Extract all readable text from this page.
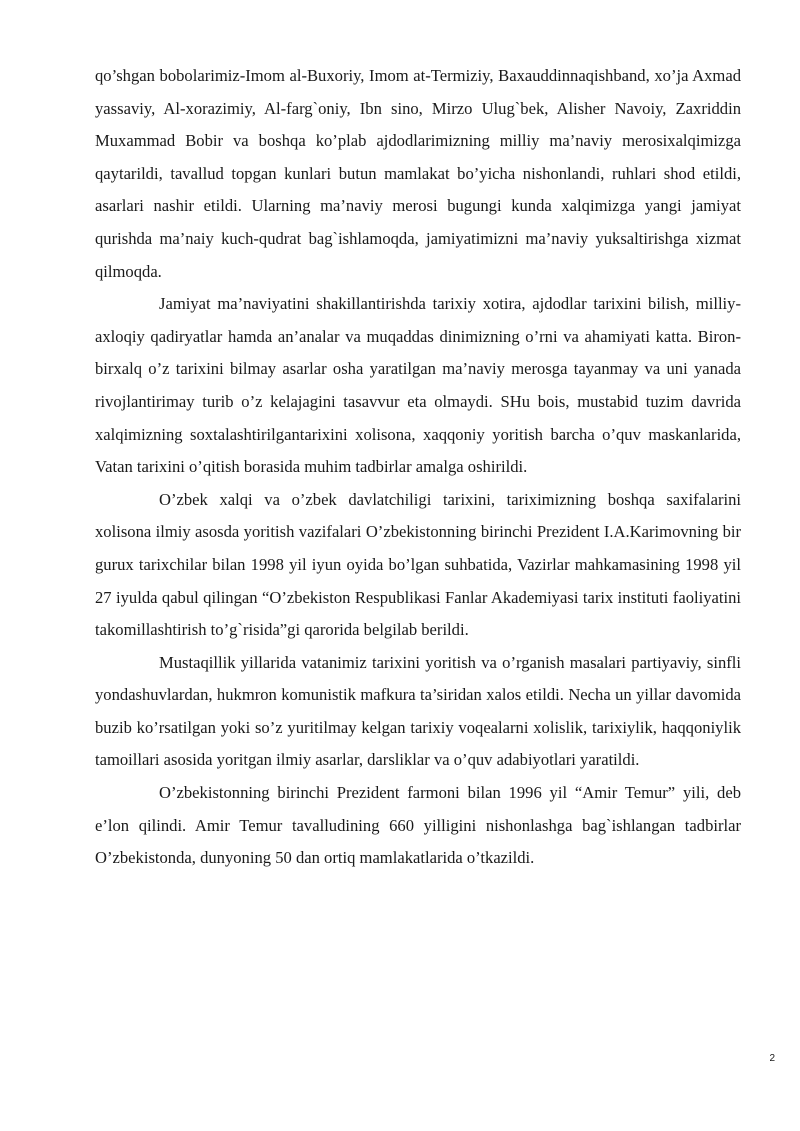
qo’shgan bobolarimiz-Imom al-Buxoriy, Imom at-Termiziy, Baxauddinnaqishband, xo’ja Axmad yassaviy, Al-xorazimiy, Al-farg`oniy, Ibn sino, Mirzo Ulug`bek, Alisher Navoiy, Zaxriddin Muxammad Bobir va boshqa ko’plab ajdodlarimizning milliy ma’naviy merosixalqimizga qaytarildi, tavallud topgan kunlari butun mamlakat bo’yicha nishonlandi, ruhlari shod etildi, asarlari nashir etildi. Ularning ma’naviy merosi bugungi kunda xalqimizga yangi jamiyat qurishda ma’naiy kuch-qudrat bag`ishlamoqda, jamiyatimizni ma’naviy yuksaltirishga xizmat qilmoqda.

Jamiyat ma’naviyatini shakillantirishda tarixiy xotira, ajdodlar tarixini bilish, milliy-axloqiy qadiryatlar hamda an’analar va muqaddas dinimizning o’rni va ahamiyati katta. Biron-birxalq o’z tarixini bilmay asarlar osha yaratilgan ma’naviy merosga tayanmay va uni yanada rivojlantirimay turib o’z kelajagini tasavvur eta olmaydi. SHu bois, mustabid tuzim davrida xalqimizning soxtalashtirilgantarixini xolisona, xaqqoniy yoritish barcha o’quv maskanlarida, Vatan tarixini o’qitish borasida muhim tadbirlar amalga oshirildi.

O’zbek xalqi va o’zbek davlatchiligi tarixini, tariximizning boshqa saxifalarini xolisona ilmiy asosda yoritish vazifalari O’zbekistonning birinchi Prezident I.A.Karimovning bir gurux tarixchilar bilan 1998 yil iyun oyida bo’lgan suhbatida, Vazirlar mahkamasining 1998 yil 27 iyulda qabul qilingan “O’zbekiston Respublikasi Fanlar Akademiyasi tarix instituti faoliyatini takomillashtirish to’g`risida”gi qarorida belgilab berildi.

Mustaqillik yillarida vatanimiz tarixini yoritish va o’rganish masalari partiyaviy, sinfli yondashuvlardan, hukmron komunistik mafkura ta’siridan xalos etildi. Necha un yillar davomida buzib ko’rsatilgan yoki so’z yuritilmay kelgan tarixiy voqealarni xolislik, tarixiylik, haqqoniylik tamoillari asosida yoritgan ilmiy asarlar, darsliklar va o’quv adabiyotlari yaratildi.

O’zbekistonning birinchi Prezident farmoni bilan 1996 yil “Amir Temur” yili, deb e’lon qilindi. Amir Temur tavalludining 660 yilligini nishonlashga bag`ishlangan tadbirlar O’zbekistonda, dunyoning 50 dan ortiq mamlakatlarida o’tkazildi.

2
